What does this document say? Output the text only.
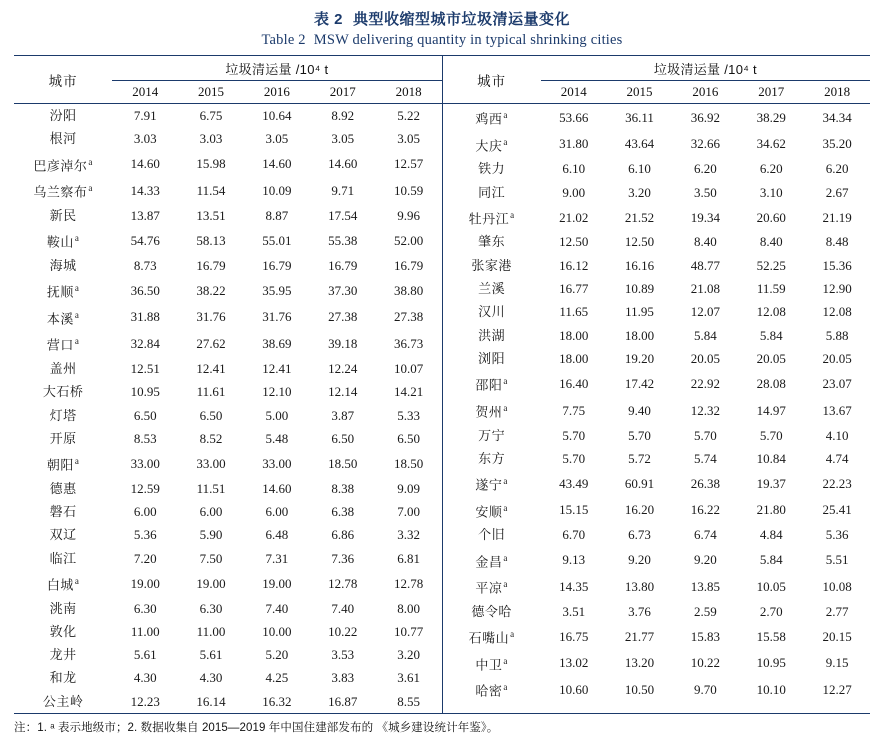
表 2 典型收缩型城市垃圾清运量变化
Table 2 MSW delivering quantity in typical shrinking cities
城市	垃圾清运量 /10⁴ t
2014	2015	2016	2017	2018
汾阳	7.91	6.75	10.64	8.92	5.22
根河	3.03	3.03	3.05	3.05	3.05
巴彦淖尔$^a$	14.60	15.98	14.60	14.60	12.57
乌兰察布$^a$	14.33	11.54	10.09	9.71	10.59
新民	13.87	13.51	8.87	17.54	9.96
鞍山$^a$	54.76	58.13	55.01	55.38	52.00
海城	8.73	16.79	16.79	16.79	16.79
抚顺$^a$	36.50	38.22	35.95	37.30	38.80
本溪$^a$	31.88	31.76	31.76	27.38	27.38
营口$^a$	32.84	27.62	38.69	39.18	36.73
盖州	12.51	12.41	12.41	12.24	10.07
大石桥	10.95	11.61	12.10	12.14	14.21
灯塔	6.50	6.50	5.00	3.87	5.33
开原	8.53	8.52	5.48	6.50	6.50
朝阳$^a$	33.00	33.00	33.00	18.50	18.50
德惠	12.59	11.51	14.60	8.38	9.09
磐石	6.00	6.00	6.00	6.38	7.00
双辽	5.36	5.90	6.48	6.86	3.32
临江	7.20	7.50	7.31	7.36	6.81
白城$^a$	19.00	19.00	19.00	12.78	12.78
洮南	6.30	6.30	7.40	7.40	8.00
敦化	11.00	11.00	10.00	10.22	10.77
龙井	5.61	5.61	5.20	3.53	3.20
和龙	4.30	4.30	4.25	3.83	3.61
公主岭	12.23	16.14	16.32	16.87	8.55

城市	垃圾清运量 /10⁴ t
2014	2015	2016	2017	2018
鸡西$^a$	53.66	36.11	36.92	38.29	34.34
大庆$^a$	31.80	43.64	32.66	34.62	35.20
铁力	6.10	6.10	6.20	6.20	6.20
同江	9.00	3.20	3.50	3.10	2.67
牡丹江$^a$	21.02	21.52	19.34	20.60	21.19
肇东	12.50	12.50	8.40	8.40	8.48
张家港	16.12	16.16	48.77	52.25	15.36
兰溪	16.77	10.89	21.08	11.59	12.90
汉川	11.65	11.95	12.07	12.08	12.08
洪湖	18.00	18.00	5.84	5.84	5.88
浏阳	18.00	19.20	20.05	20.05	20.05
邵阳$^a$	16.40	17.42	22.92	28.08	23.07
贺州$^a$	7.75	9.40	12.32	14.97	13.67
万宁	5.70	5.70	5.70	5.70	4.10
东方	5.70	5.72	5.74	10.84	4.74
遂宁$^a$	43.49	60.91	26.38	19.37	22.23
安顺$^a$	15.15	16.20	16.22	21.80	25.41
个旧	6.70	6.73	6.74	4.84	5.36
金昌$^a$	9.13	9.20	9.20	5.84	5.51
平凉$^a$	14.35	13.80	13.85	10.05	10.08
德令哈	3.51	3.76	2.59	2.70	2.77
石嘴山$^a$	16.75	21.77	15.83	15.58	20.15
中卫$^a$	13.02	13.20	10.22	10.95	9.15
哈密$^a$	10.60	10.50	9.70	10.10	12.27
注：1. ᵃ 表示地级市；2. 数据收集自 2015—2019 年中国住建部发布的 《城乡建设统计年鉴》。
